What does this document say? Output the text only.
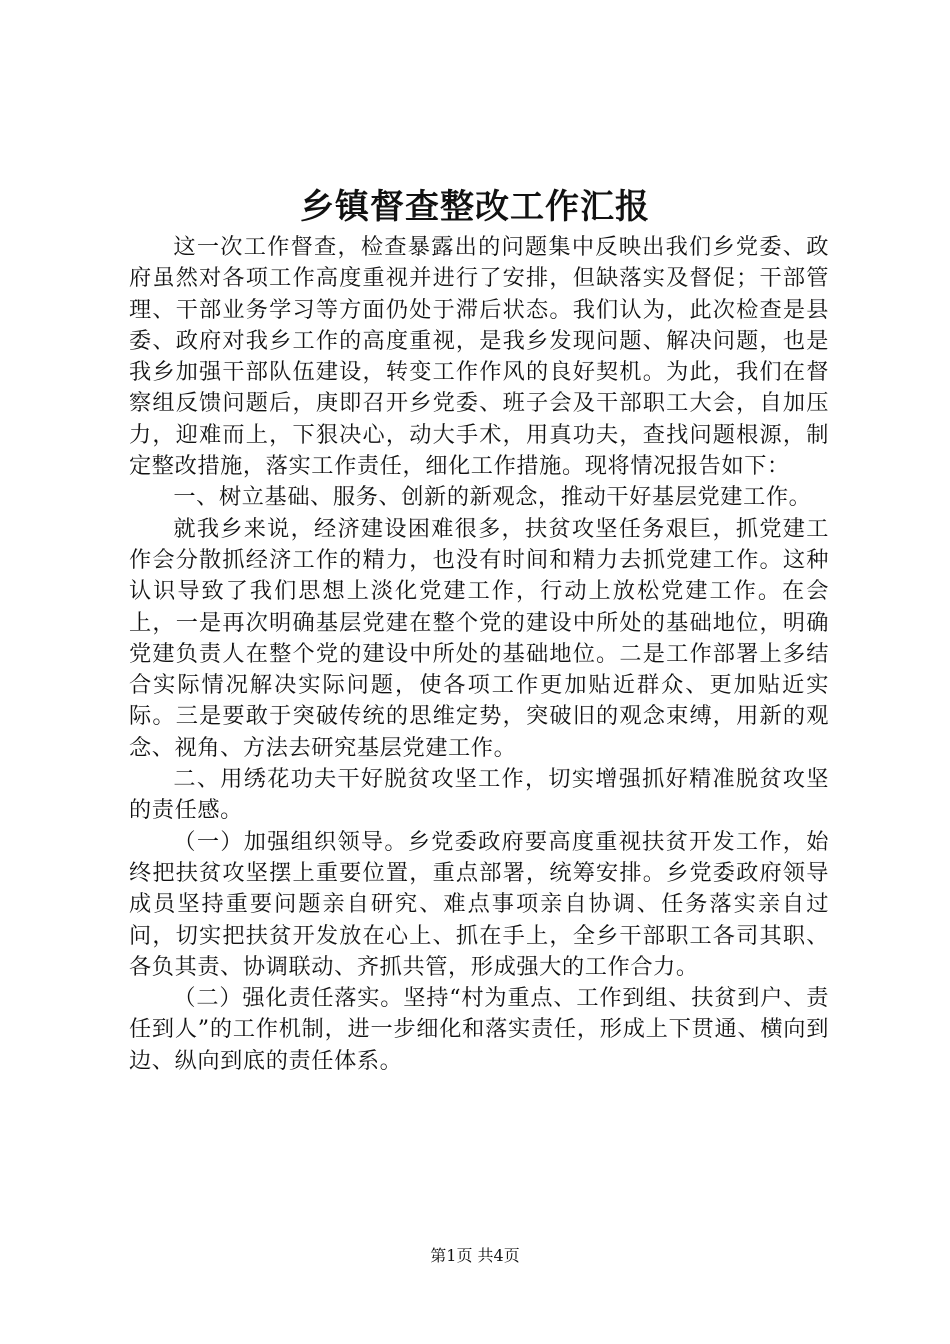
乡镇督查整改工作汇报

这一次工作督查，检查暴露出的问题集中反映出我们乡党委、政府虽然对各项工作高度重视并进行了安排，但缺落实及督促；干部管理、干部业务学习等方面仍处于滞后状态。我们认为，此次检查是县委、政府对我乡工作的高度重视，是我乡发现问题、解决问题，也是我乡加强干部队伍建设，转变工作作风的良好契机。为此，我们在督察组反馈问题后，庚即召开乡党委、班子会及干部职工大会，自加压力，迎难而上，下狠决心，动大手术，用真功夫，查找问题根源，制定整改措施，落实工作责任，细化工作措施。现将情况报告如下：

一、树立基础、服务、创新的新观念，推动干好基层党建工作。

就我乡来说，经济建设困难很多，扶贫攻坚任务艰巨，抓党建工作会分散抓经济工作的精力，也没有时间和精力去抓党建工作。这种认识导致了我们思想上淡化党建工作，行动上放松党建工作。在会上，一是再次明确基层党建在整个党的建设中所处的基础地位，明确党建负责人在整个党的建设中所处的基础地位。二是工作部署上多结合实际情况解决实际问题，使各项工作更加贴近群众、更加贴近实际。三是要敢于突破传统的思维定势，突破旧的观念束缚，用新的观念、视角、方法去研究基层党建工作。

二、用绣花功夫干好脱贫攻坚工作，切实增强抓好精准脱贫攻坚的责任感。

（一）加强组织领导。乡党委政府要高度重视扶贫开发工作，始终把扶贫攻坚摆上重要位置，重点部署，统筹安排。乡党委政府领导成员坚持重要问题亲自研究、难点事项亲自协调、任务落实亲自过问，切实把扶贫开发放在心上、抓在手上，全乡干部职工各司其职、各负其责、协调联动、齐抓共管，形成强大的工作合力。

（二）强化责任落实。坚持“村为重点、工作到组、扶贫到户、责任到人”的工作机制，进一步细化和落实责任，形成上下贯通、横向到边、纵向到底的责任体系。

第1页 共4页
